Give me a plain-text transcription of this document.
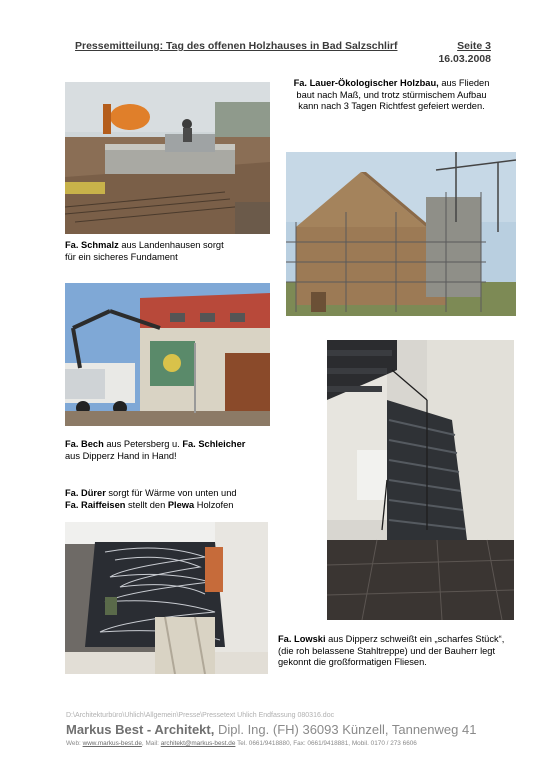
Pressemitteilung: Tag des offenen Holzhauses in Bad Salzschlirf	Seite 3
16.03.2008
Fa. Lauer-Ökologischer Holzbau, aus Flieden
baut nach Maß, und trotz stürmischem Aufbau
kann nach 3 Tagen Richtfest gefeiert werden.
Fa. Schmalz aus Landenhausen sorgt
für ein sicheres Fundament
Fa. Bech aus Petersberg u. Fa. Schleicher
aus Dipperz Hand in Hand!
Fa. Dürer sorgt für Wärme von unten und
Fa. Raiffeisen stellt den Plewa Holzofen
Fa. Lowski aus Dipperz schweißt ein „scharfes Stück“,
(die roh belassene Stahltreppe) und der Bauherr legt
gekonnt die großformatigen Fliesen.
D:\Architekturbüro\Uhlich\Allgemein\Presse\Pressetext Uhlich Endfassung 080316.doc
Markus Best - Architekt, Dipl. Ing. (FH) 36093 Künzell, Tannenweg 41
Web: www.markus-best.de, Mail: architekt@markus-best.de Tel. 0661/9418880, Fax: 0661/9418881, Mobil. 0170 / 273 6606
